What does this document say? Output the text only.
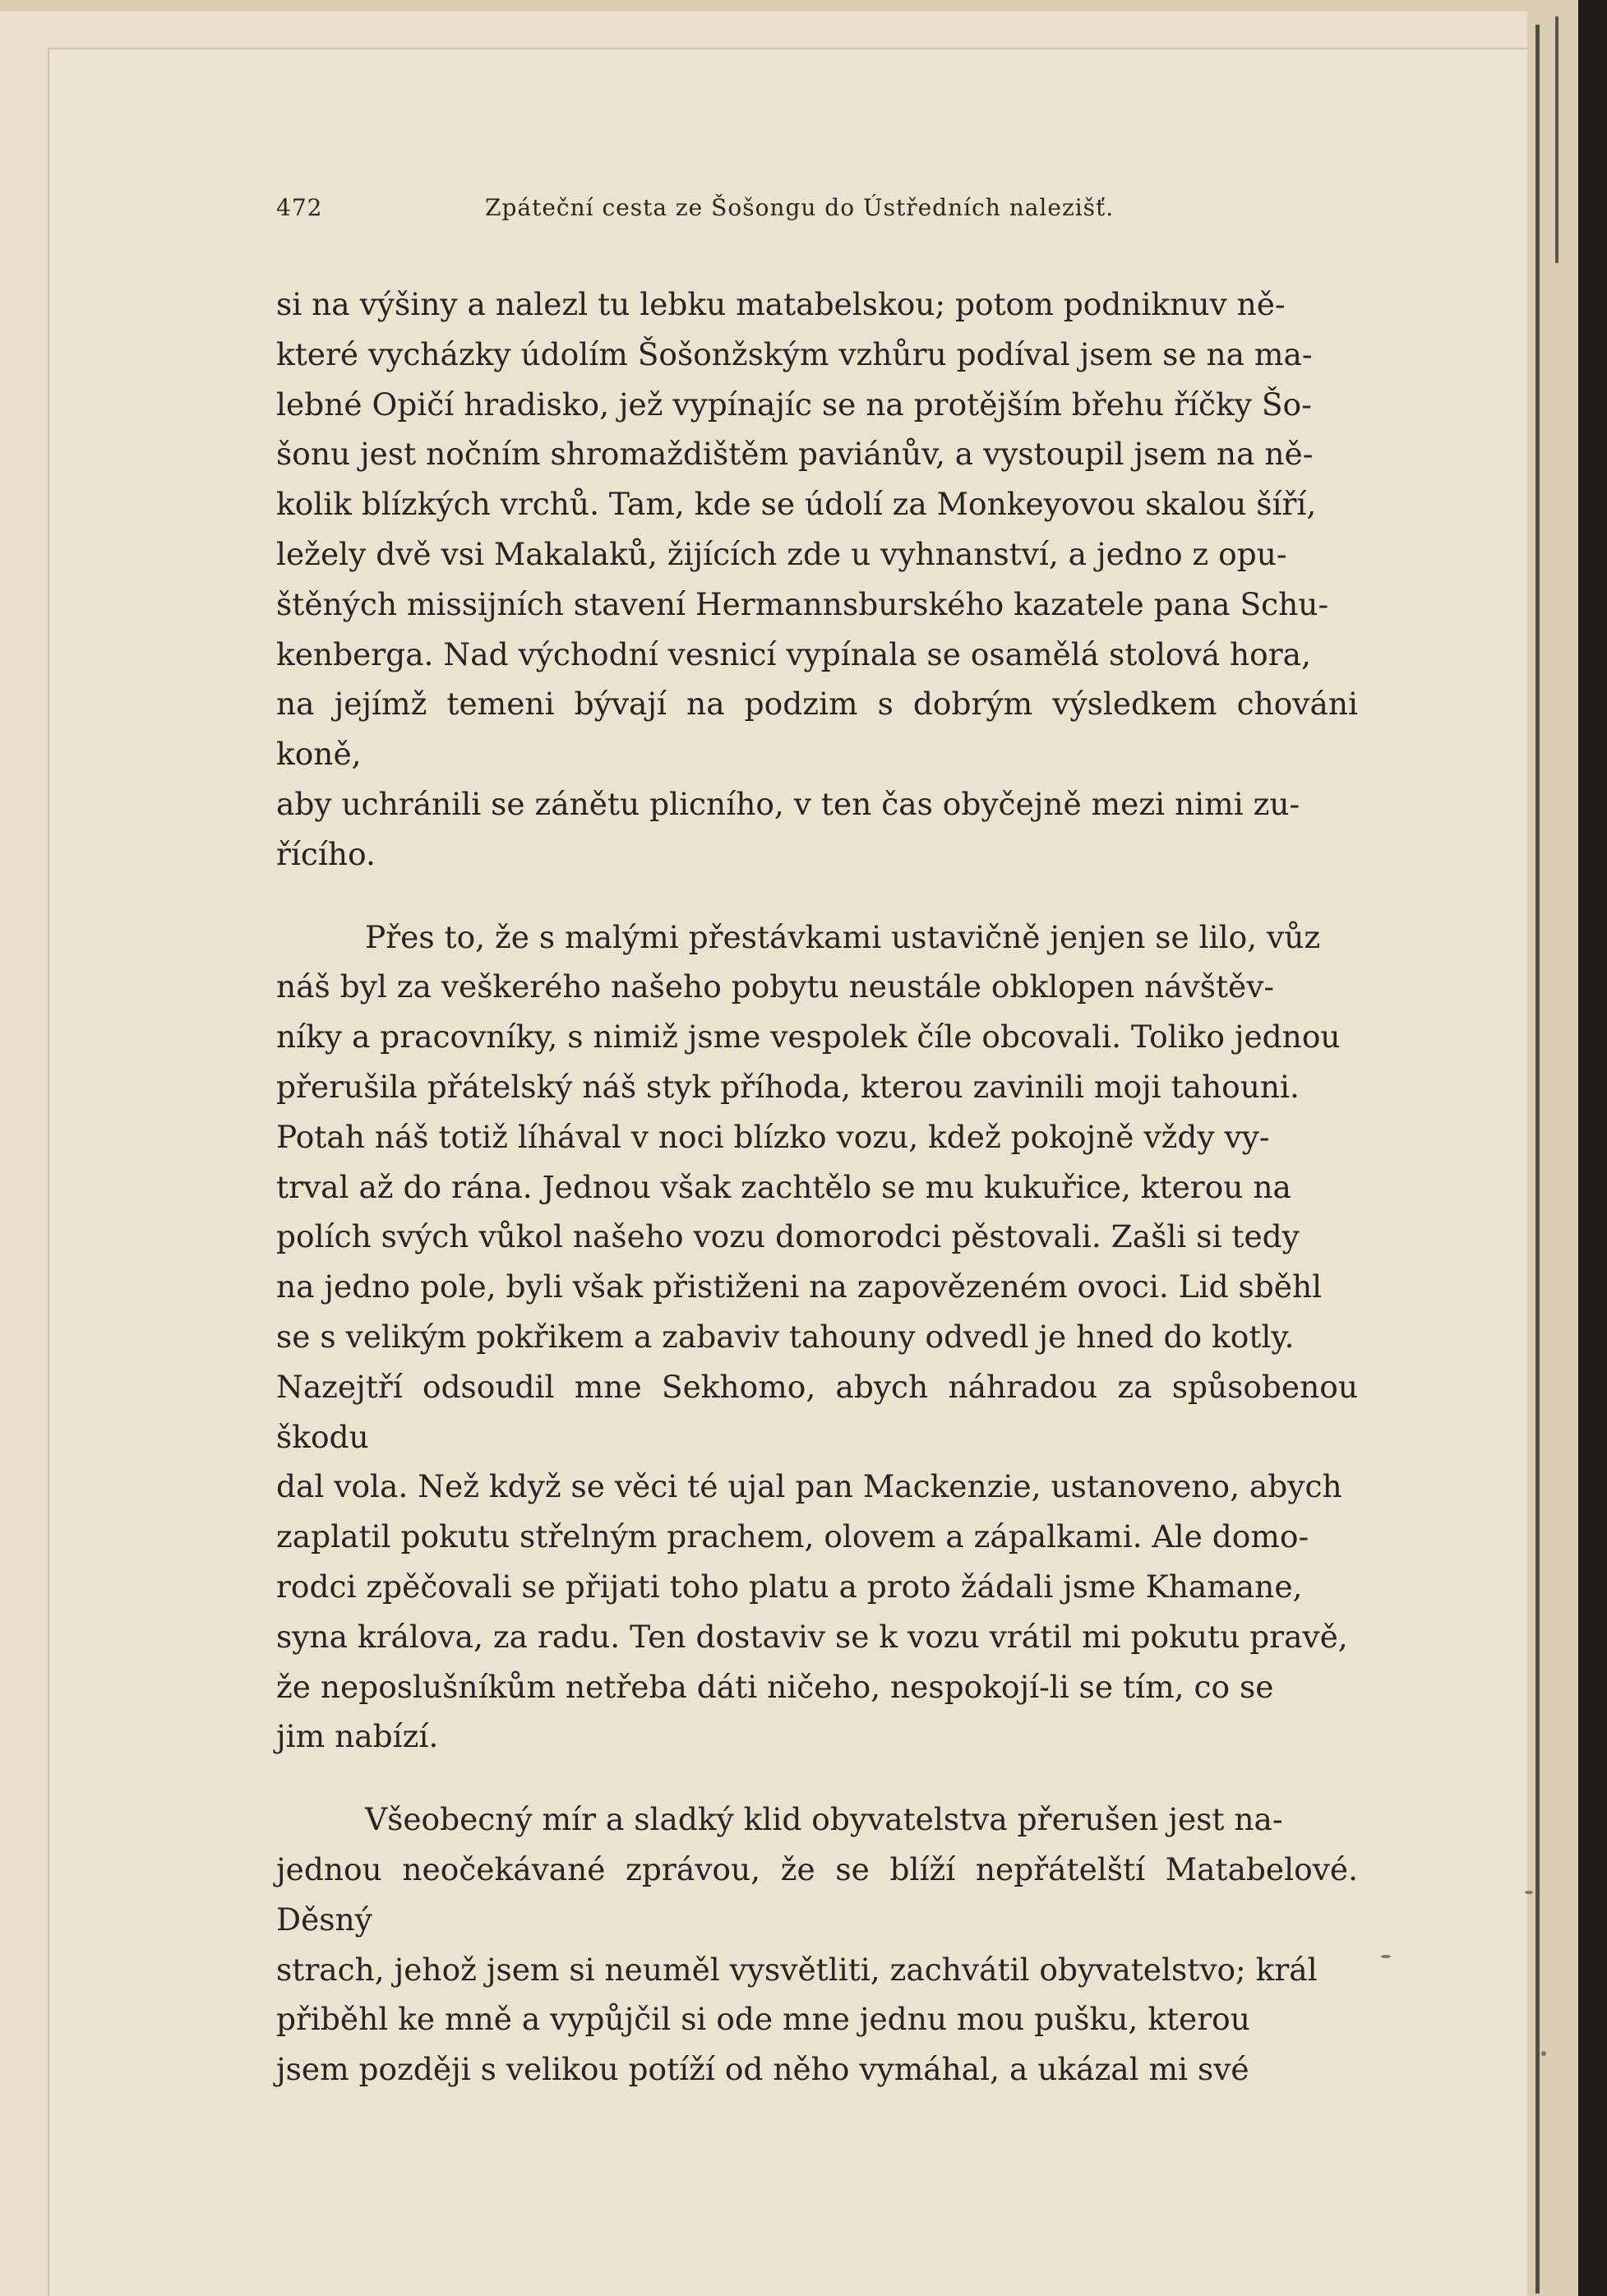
472	Zpáteční cesta ze Šošongu do Ústředních nalezišť.

si na výšiny a nalezl tu lebku matabelskou; potom podniknuv ně-
které vycházky údolím Šošonžským vzhůru podíval jsem se na ma-
lebné Opičí hradisko, jež vypínajíc se na protějším břehu říčky Šo-
šonu jest nočním shromaždištěm paviánův, a vystoupil jsem na ně-
kolik blízkých vrchů. Tam, kde se údolí za Monkeyovou skalou šíří,
ležely dvě vsi Makalaků, žijících zde u vyhnanství, a jedno z opu-
štěných missijních stavení Hermannsburského kazatele pana Schu-
kenberga. Nad východní vesnicí vypínala se osamělá stolová hora,
na jejímž temeni bývají na podzim s dobrým výsledkem chováni koně,
aby uchránili se zánětu plicního, v ten čas obyčejně mezi nimi zu-
řícího.

Přes to, že s malými přestávkami ustavičně jenjen se lilo, vůz
náš byl za veškerého našeho pobytu neustále obklopen návštěv-
níky a pracovníky, s nimiž jsme vespolek číle obcovali. Toliko jednou
přerušila přátelský náš styk příhoda, kterou zavinili moji tahouni.
Potah náš totiž líhával v noci blízko vozu, kdež pokojně vždy vy-
trval až do rána. Jednou však zachtělo se mu kukuřice, kterou na
polích svých vůkol našeho vozu domorodci pěstovali. Zašli si tedy
na jedno pole, byli však přistiženi na zapovězeném ovoci. Lid sběhl
se s velikým pokřikem a zabaviv tahouny odvedl je hned do kotly.
Nazejtří odsoudil mne Sekhomo, abych náhradou za spůsobenou škodu
dal vola. Než když se věci té ujal pan Mackenzie, ustanoveno, abych
zaplatil pokutu střelným prachem, olovem a zápalkami. Ale domo-
rodci zpěčovali se přijati toho platu a proto žádali jsme Khamane,
syna králova, za radu. Ten dostaviv se k vozu vrátil mi pokutu pravě,
že neposlušníkům netřeba dáti ničeho, nespokojí-li se tím, co se
jim nabízí.

Všeobecný mír a sladký klid obyvatelstva přerušen jest na-
jednou neočekávané zprávou, že se blíží nepřátelští Matabelové. Děsný
strach, jehož jsem si neuměl vysvětliti, zachvátil obyvatelstvo; král
přiběhl ke mně a vypůjčil si ode mne jednu mou pušku, kterou
jsem později s velikou potíží od něho vymáhal, a ukázal mi své
